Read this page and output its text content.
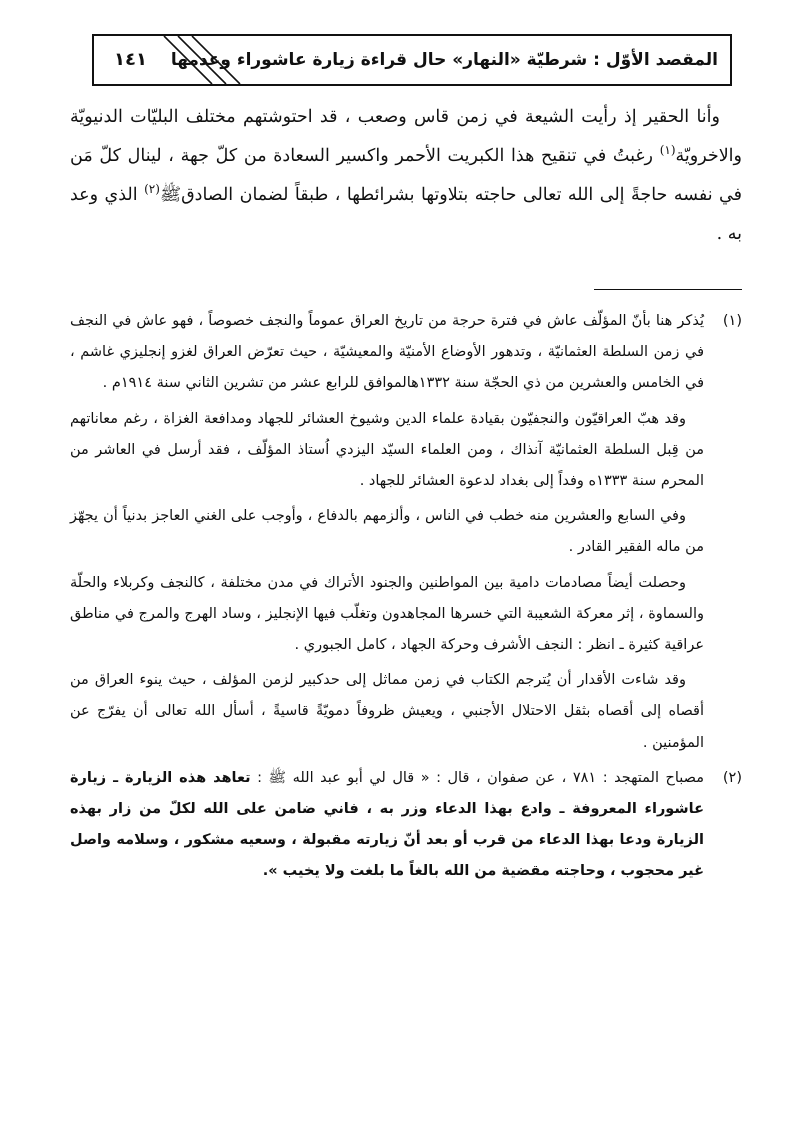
١٤١ المقصد الأوّل : شرطيّة «النهار» حال قراءة زيارة عاشوراء وعدمها

وأنا الحقير إذ رأيت الشيعة في زمن قاس وصعب ، قد احتوشتهم مختلف البليّات الدنيويّة والاخرويّة$^{(١)}$ رغبتُ في تنقيح هذا الكبريت الأحمر واكسير السعادة من كلّ جهة ، لينال كلّ مَن في نفسه حاجةً إلى الله تعالى حاجته بتلاوتها بشرائطها ، طبقاً لضمان الصادقﷺ$^{(٢)}$ الذي وعد به .

(١)

يُذكر هنا بأنّ المؤلّف عاش في فترة حرجة من تاريخ العراق عموماً والنجف خصوصاً ، فهو عاش في النجف في زمن السلطة العثمانيّة ، وتدهور الأوضاع الأمنيّة والمعيشيّة ، حيث تعرّض العراق لغزو إنجليزي غاشم ، في الخامس والعشرين من ذي الحجّة سنة ١٣٣٢هالموافق للرابع عشر من تشرين الثاني سنة ١٩١٤م .

وقد هبّ العراقيّون والنجفيّون بقيادة علماء الدين وشيوخ العشائر للجهاد ومدافعة الغزاة ، رغم معاناتهم من قِبل السلطة العثمانيّة آنذاك ، ومن العلماء السيّد اليزدي اُستاذ المؤلّف ، فقد أرسل في العاشر من المحرم سنة ١٣٣٣ه وفداً إلى بغداد لدعوة العشائر للجهاد .

وفي السابع والعشرين منه خطب في الناس ، وألزمهم بالدفاع ، وأوجب على الغني العاجز بدنياً أن يجهّز من ماله الفقير القادر .

وحصلت أيضاً مصادمات دامية بين المواطنين والجنود الأتراك في مدن مختلفة ، كالنجف وكربلاء والحلّة والسماوة ، إثر معركة الشعيبة التي خسرها المجاهدون وتغلّب فيها الإنجليز ، وساد الهرج والمرج في مناطق عراقية كثيرة ـ انظر : النجف الأشرف وحركة الجهاد ، كامل الجبوري .

وقد شاءت الأقدار أن يُترجم الكتاب في زمن مماثل إلى حدكبير لزمن المؤلف ، حيث ينوء العراق من أقصاه إلى أقصاه بثقل الاحتلال الأجنبي ، ويعيش ظروفاً دمويّةً قاسيةً ، أسأل الله تعالى أن يفرّج عن المؤمنين .

(٢)

مصباح المتهجد : ٧٨١ ، عن صفوان ، قال : « قال لي أبو عبد الله ﷺ : تعاهد هذه الزيارة ـ زيارة عاشوراء المعروفة ـ وادع بهذا الدعاء وزر به ، فاني ضامن على الله لكلّ من زار بهذه الزيارة ودعا بهذا الدعاء من قرب أو بعد أنّ زيارته مقبولة ، وسعيه مشكور ، وسلامه واصل غير محجوب ، وحاجته مقضية من الله بالغاً ما بلغت ولا يخيب ».
